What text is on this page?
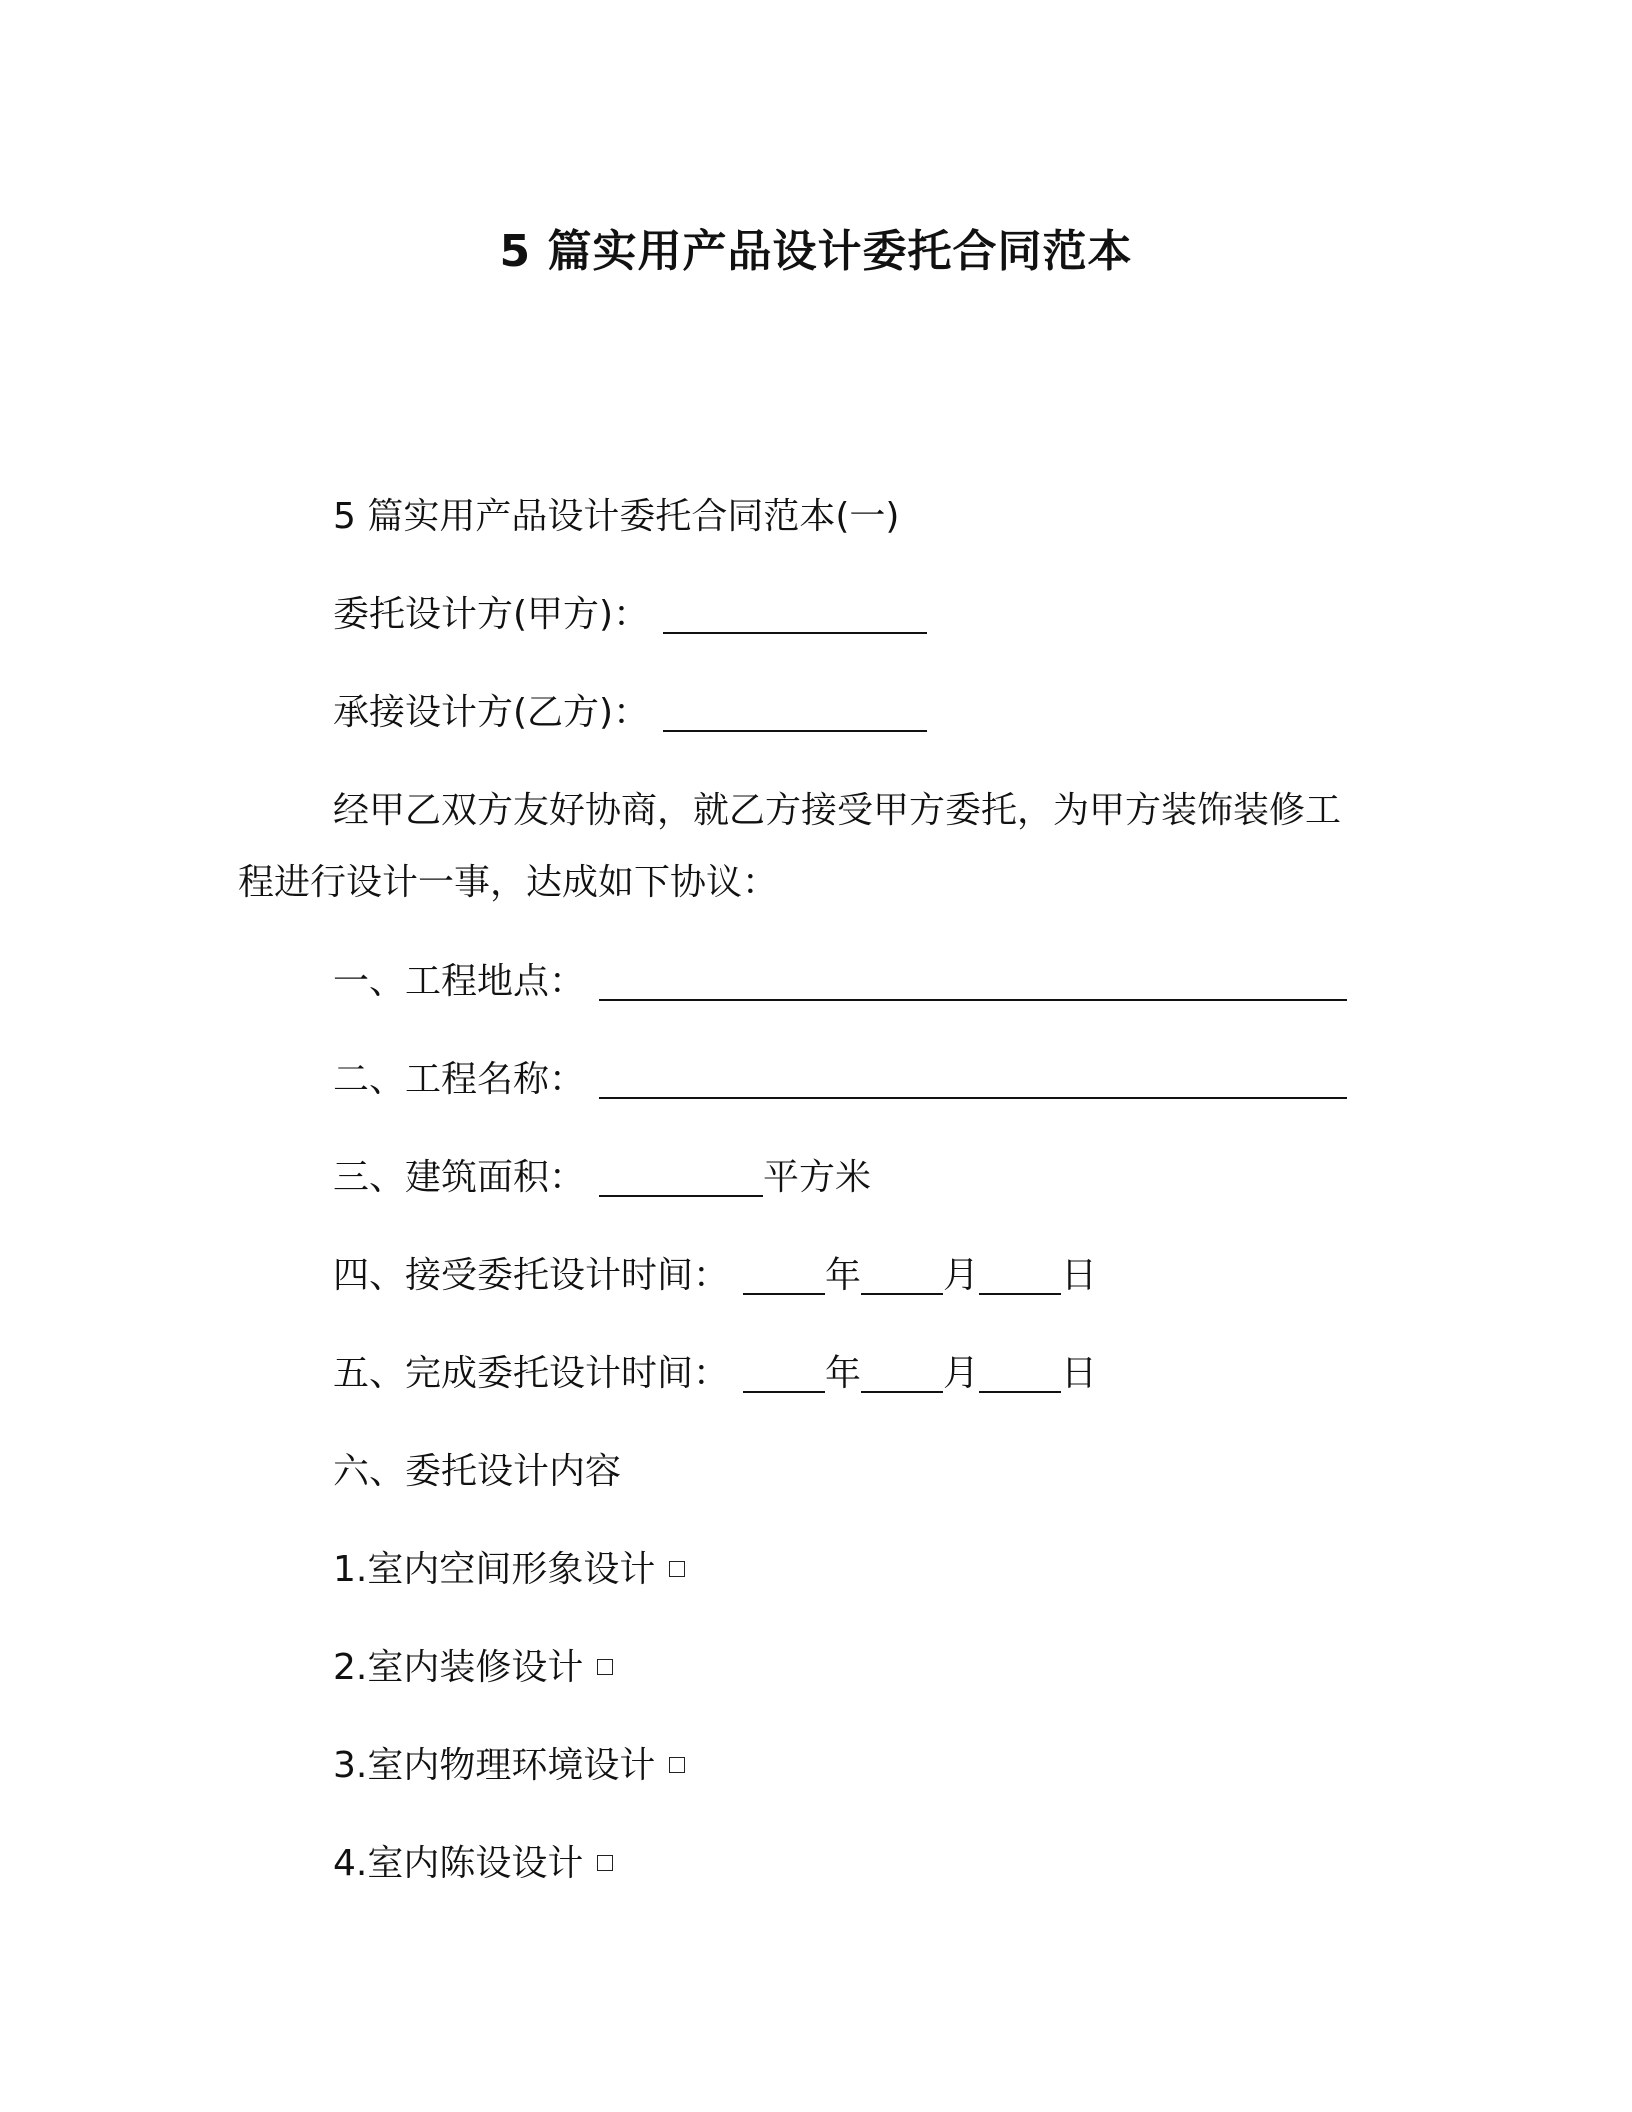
5 篇实用产品设计委托合同范本
5 篇实用产品设计委托合同范本(一)
委托设计方(甲方)：
承接设计方(乙方)：
经甲乙双方友好协商，就乙方接受甲方委托，为甲方装饰装修工
程进行设计一事，达成如下协议：
一、工程地点：
二、工程名称：
三、建筑面积：	平方米
四、接受委托设计时间：	年 月 日
五、完成委托设计时间：	年 月 日
六、委托设计内容
1.室内空间形象设计
2.室内装修设计
3.室内物理环境设计
4.室内陈设设计
